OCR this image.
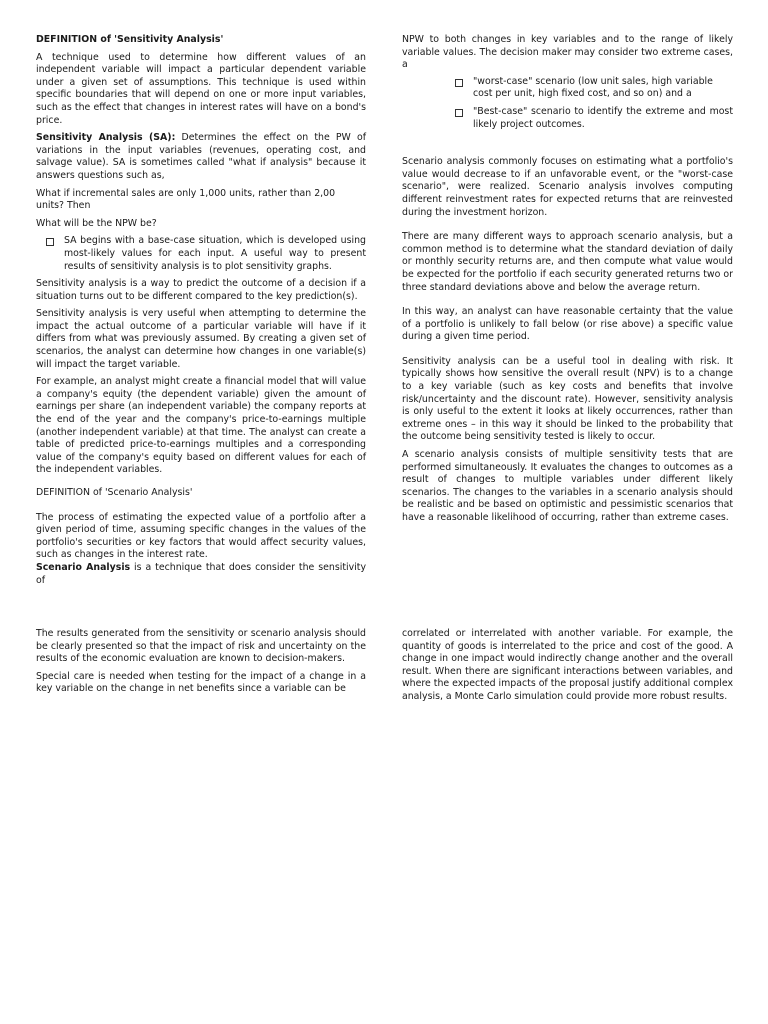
DEFINITION of 'Sensitivity Analysis'

A technique used to determine how different values of an independent variable will impact a particular dependent variable under a given set of assumptions. This technique is used within specific boundaries that will depend on one or more input variables, such as the effect that changes in interest rates will have on a bond's price.

Sensitivity Analysis (SA): Determines the effect on the PW of variations in the input variables (revenues, operating cost, and salvage value). SA is sometimes called "what if analysis" because it answers questions such as,

What if incremental sales are only 1,000 units, rather than 2,00 units? Then

What will be the NPW be?

SA begins with a base-case situation, which is developed using most-likely values for each input. A useful way to present results of sensitivity analysis is to plot sensitivity graphs.

Sensitivity analysis is a way to predict the outcome of a decision if a situation turns out to be different compared to the key prediction(s).

Sensitivity analysis is very useful when attempting to determine the impact the actual outcome of a particular variable will have if it differs from what was previously assumed. By creating a given set of scenarios, the analyst can determine how changes in one variable(s) will impact the target variable.

For example, an analyst might create a financial model that will value a company's equity (the dependent variable) given the amount of earnings per share (an independent variable) the company reports at the end of the year and the company's price-to-earnings multiple (another independent variable) at that time. The analyst can create a table of predicted price-to-earnings multiples and a corresponding value of the company's equity based on different values for each of the independent variables.

DEFINITION of 'Scenario Analysis'

The process of estimating the expected value of a portfolio after a given period of time, assuming specific changes in the values of the portfolio's securities or key factors that would affect security values, such as changes in the interest rate.

Scenario Analysis is a technique that does consider the sensitivity of

NPW to both changes in key variables and to the range of likely variable values. The decision maker may consider two extreme cases, a

"worst-case" scenario (low unit sales, high variable cost per unit, high fixed cost, and so on) and a
"Best-case" scenario to identify the extreme and most likely project outcomes.

Scenario analysis commonly focuses on estimating what a portfolio's value would decrease to if an unfavorable event, or the "worst-case scenario", were realized. Scenario analysis involves computing different reinvestment rates for expected returns that are reinvested during the investment horizon.

There are many different ways to approach scenario analysis, but a common method is to determine what the standard deviation of daily or monthly security returns are, and then compute what value would be expected for the portfolio if each security generated returns two or three standard deviations above and below the average return.

In this way, an analyst can have reasonable certainty that the value of a portfolio is unlikely to fall below (or rise above) a specific value during a given time period.

Sensitivity analysis can be a useful tool in dealing with risk. It typically shows how sensitive the overall result (NPV) is to a change to a key variable (such as key costs and benefits that involve risk/uncertainty and the discount rate). However, sensitivity analysis is only useful to the extent it looks at likely occurrences, rather than extreme ones – in this way it should be linked to the probability that the outcome being sensitivity tested is likely to occur.

A scenario analysis consists of multiple sensitivity tests that are performed simultaneously. It evaluates the changes to outcomes as a result of changes to multiple variables under different likely scenarios. The changes to the variables in a scenario analysis should be realistic and be based on optimistic and pessimistic scenarios that have a reasonable likelihood of occurring, rather than extreme cases.

The results generated from the sensitivity or scenario analysis should be clearly presented so that the impact of risk and uncertainty on the results of the economic evaluation are known to decision-makers.

Special care is needed when testing for the impact of a change in a key variable on the change in net benefits since a variable can be

correlated or interrelated with another variable. For example, the quantity of goods is interrelated to the price and cost of the good. A change in one impact would indirectly change another and the overall result. When there are significant interactions between variables, and where the expected impacts of the proposal justify additional complex analysis, a Monte Carlo simulation could provide more robust results.
